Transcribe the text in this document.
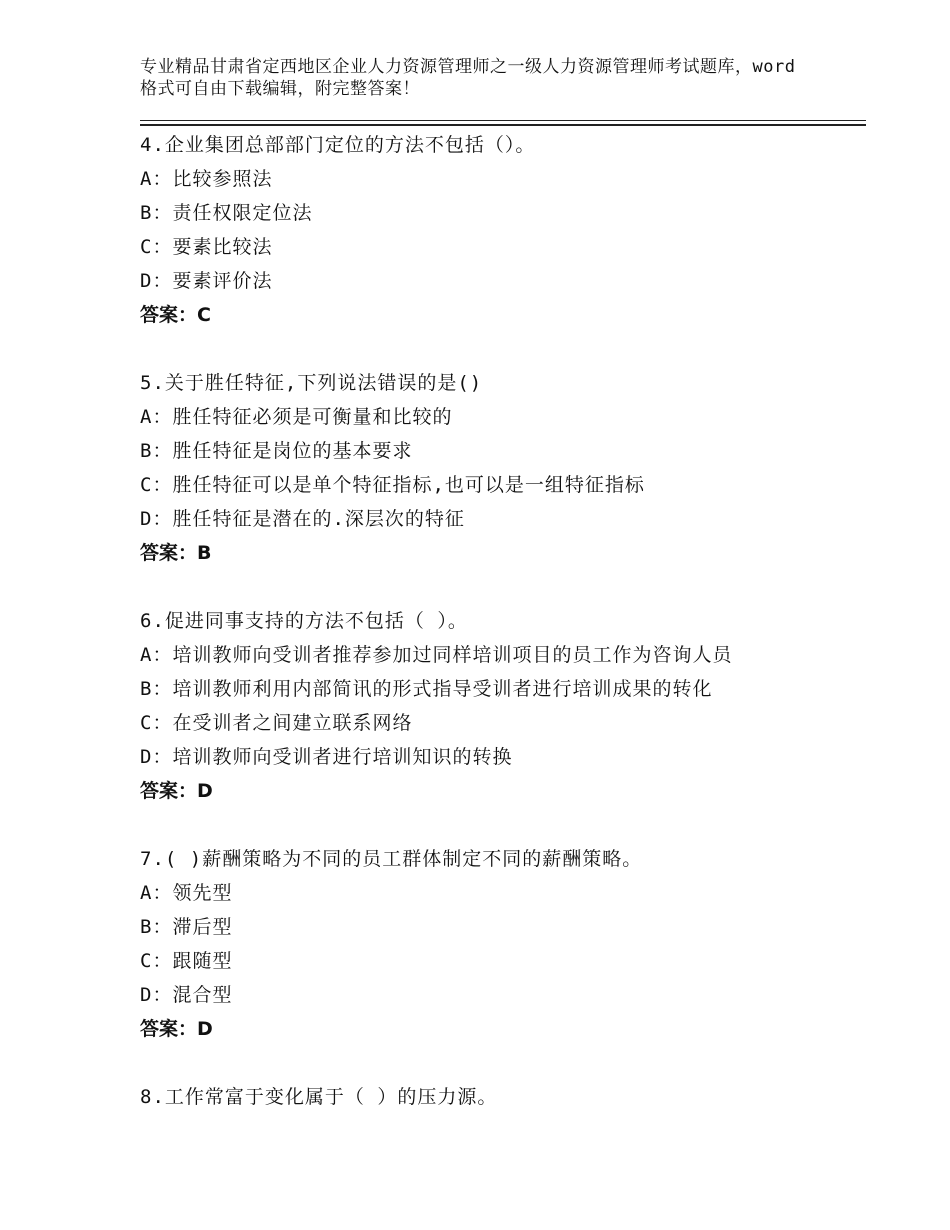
专业精品甘肃省定西地区企业人力资源管理师之一级人力资源管理师考试题库，word格式可自由下载编辑，附完整答案！
4.企业集团总部部门定位的方法不包括（）。
A：比较参照法
B：责任权限定位法
C：要素比较法
D：要素评价法
答案：C
5.关于胜任特征,下列说法错误的是()
A：胜任特征必须是可衡量和比较的
B：胜任特征是岗位的基本要求
C：胜任特征可以是单个特征指标,也可以是一组特征指标
D：胜任特征是潜在的.深层次的特征
答案：B
6.促进同事支持的方法不包括（ ）。
A：培训教师向受训者推荐参加过同样培训项目的员工作为咨询人员
B：培训教师利用内部简讯的形式指导受训者进行培训成果的转化
C：在受训者之间建立联系网络
D：培训教师向受训者进行培训知识的转换
答案：D
7.( )薪酬策略为不同的员工群体制定不同的薪酬策略。
A：领先型
B：滞后型
C：跟随型
D：混合型
答案：D
8.工作常富于变化属于（ ）的压力源。
